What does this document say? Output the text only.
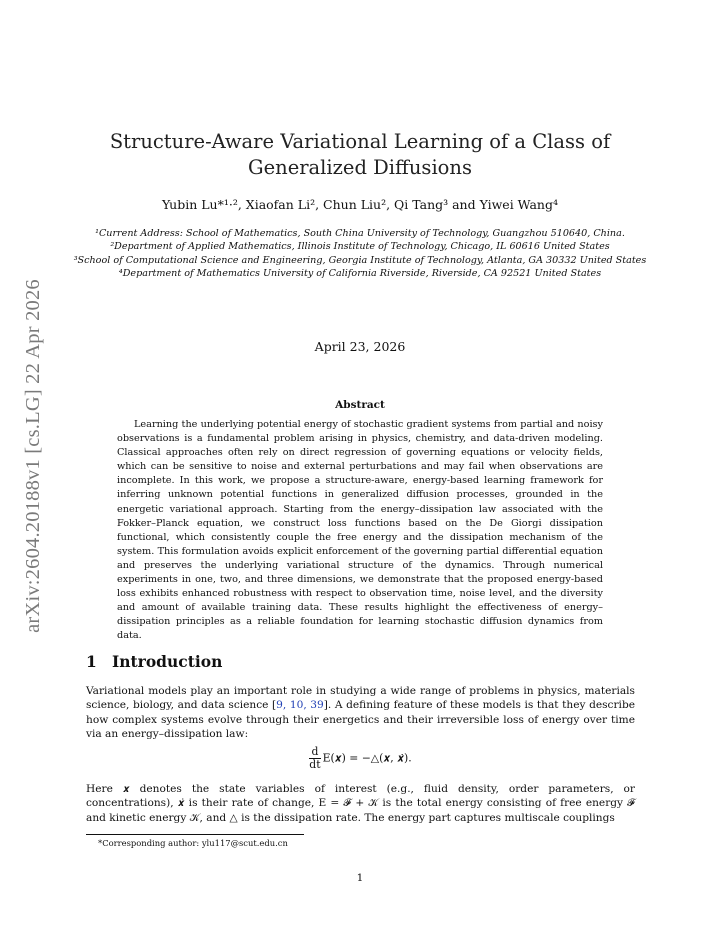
arXiv:2604.20188v1 [cs.LG] 22 Apr 2026
Structure-Aware Variational Learning of a Class of Generalized Diffusions
Yubin Lu*¹·², Xiaofan Li², Chun Liu², Qi Tang³ and Yiwei Wang⁴
¹Current Address: School of Mathematics, South China University of Technology, Guangzhou 510640, China.
²Department of Applied Mathematics, Illinois Institute of Technology, Chicago, IL 60616 United States
³School of Computational Science and Engineering, Georgia Institute of Technology, Atlanta, GA 30332 United States
⁴Department of Mathematics University of California Riverside, Riverside, CA 92521 United States
April 23, 2026
Abstract

Learning the underlying potential energy of stochastic gradient systems from partial and noisy observations is a fundamental problem arising in physics, chemistry, and data-driven modeling. Classical approaches often rely on direct regression of governing equations or velocity fields, which can be sensitive to noise and external perturbations and may fail when observations are incomplete. In this work, we propose a structure-aware, energy-based learning framework for inferring unknown potential functions in generalized diffusion processes, grounded in the energetic variational approach. Starting from the energy–dissipation law associated with the Fokker–Planck equation, we construct loss functions based on the De Giorgi dissipation functional, which consistently couple the free energy and the dissipation mechanism of the system. This formulation avoids explicit enforcement of the governing partial differential equation and preserves the underlying variational structure of the dynamics. Through numerical experiments in one, two, and three dimensions, we demonstrate that the proposed energy-based loss exhibits enhanced robustness with respect to observation time, noise level, and the diversity and amount of available training data. These results highlight the effectiveness of energy–dissipation principles as a reliable foundation for learning stochastic diffusion dynamics from data.

1 Introduction

Variational models play an important role in studying a wide range of problems in physics, materials science, biology, and data science [9, 10, 39]. A defining feature of these models is that they describe how complex systems evolve through their energetics and their irreversible loss of energy over time via an energy–dissipation law:

$\frac{d}{dt}$ E(𝒙) = −△(𝒙, 𝒙̇).

Here 𝒙 denotes the state variables of interest (e.g., fluid density, order parameters, or concentrations), 𝒙̇ is their rate of change, E = 𝓕 + 𝒦 is the total energy consisting of free energy 𝓕 and kinetic energy 𝒦, and △ is the dissipation rate. The energy part captures multiscale couplings

*Corresponding author: ylu117@scut.edu.cn
1
